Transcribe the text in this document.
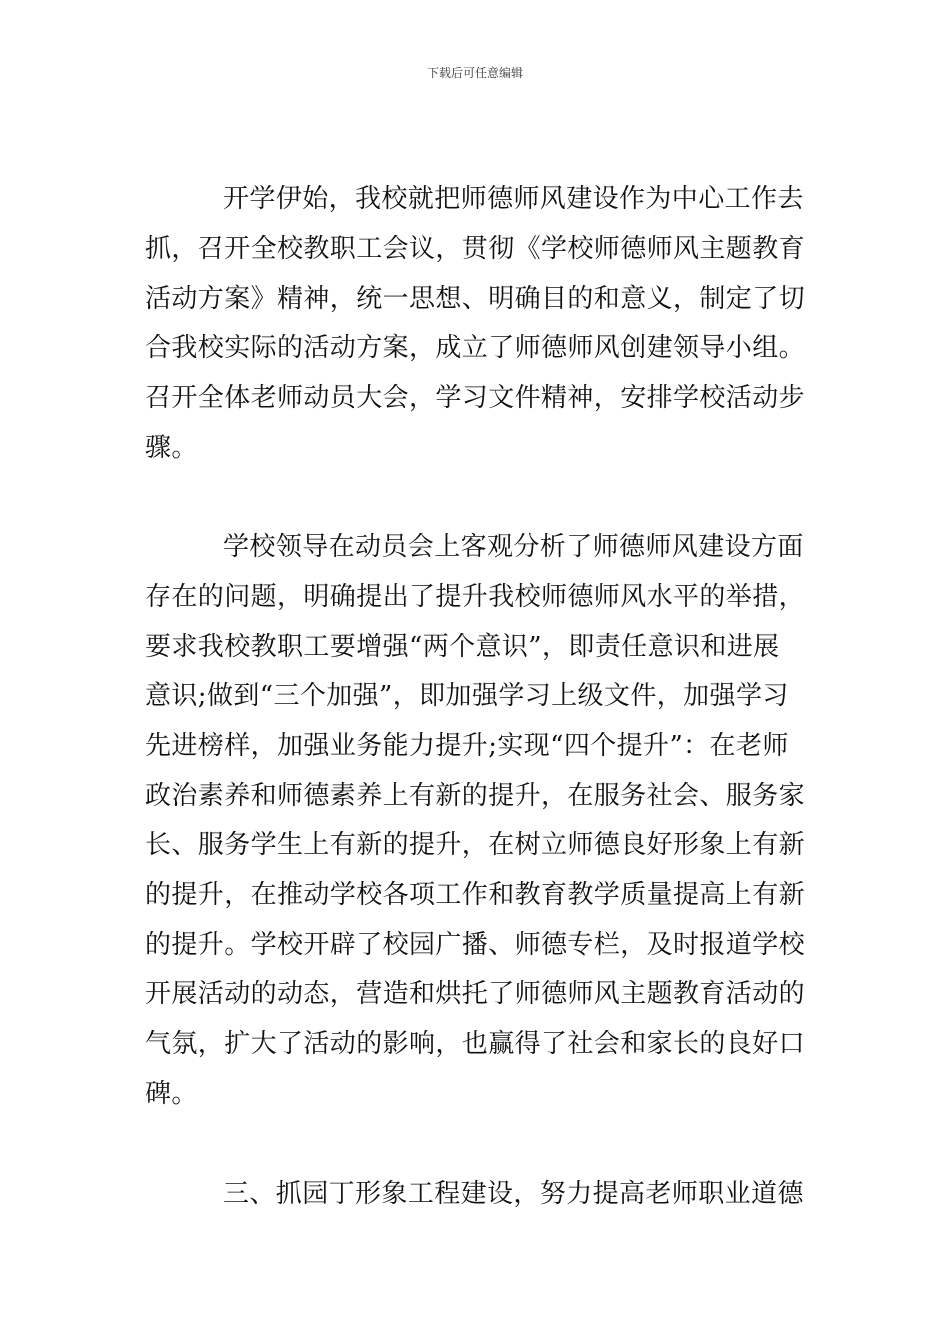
下载后可任意编辑
开学伊始，我校就把师德师风建设作为中心工作去
抓，召开全校教职工会议，贯彻《学校师德师风主题教育
活动方案》精神，统一思想、明确目的和意义，制定了切
合我校实际的活动方案，成立了师德师风创建领导小组。
召开全体老师动员大会，学习文件精神，安排学校活动步
骤。
学校领导在动员会上客观分析了师德师风建设方面
存在的问题，明确提出了提升我校师德师风水平的举措，
要求我校教职工要增强“两个意识”，即责任意识和进展
意识;做到“三个加强”，即加强学习上级文件，加强学习
先进榜样，加强业务能力提升;实现“四个提升”：在老师
政治素养和师德素养上有新的提升，在服务社会、服务家
长、服务学生上有新的提升，在树立师德良好形象上有新
的提升，在推动学校各项工作和教育教学质量提高上有新
的提升。学校开辟了校园广播、师德专栏，及时报道学校
开展活动的动态，营造和烘托了师德师风主题教育活动的
气氛，扩大了活动的影响，也赢得了社会和家长的良好口
碑。
三、抓园丁形象工程建设，努力提高老师职业道德
